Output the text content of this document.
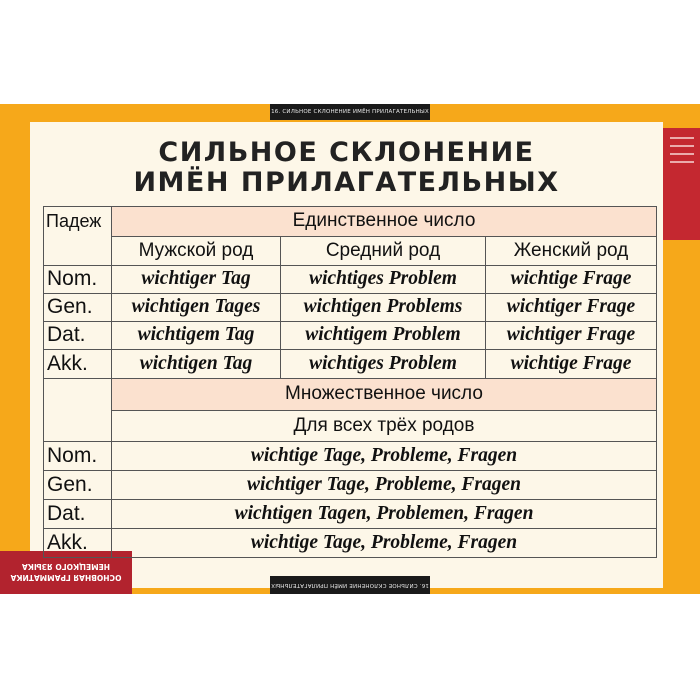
16. СИЛЬНОЕ СКЛОНЕНИЕ ИМЁН ПРИЛАГАТЕЛЬНЫХ
16. СИЛЬНОЕ СКЛОНЕНИЕ ИМЁН ПРИЛАГАТЕЛЬНЫХ
ОСНОВНАЯ ГРАММАТИКА
НЕМЕЦКОГО ЯЗЫКА
СИЛЬНОЕ СКЛОНЕНИЕ
ИМЁН ПРИЛАГАТЕЛЬНЫХ
Падеж	Единственное число
Мужской род	Средний род	Женский род
Nom.	wichtiger Tag	wichtiges Problem	wichtige Frage
Gen.	wichtigen Tages	wichtigen Problems	wichtiger Frage
Dat.	wichtigem Tag	wichtigem Problem	wichtiger Frage
Akk.	wichtigen Tag	wichtiges Problem	wichtige Frage
Множественное число
Для всех трёх родов
Nom.	wichtige Tage, Probleme, Fragen
Gen.	wichtiger Tage, Probleme, Fragen
Dat.	wichtigen Tagen, Problemen, Fragen
Akk.	wichtige Tage, Probleme, Fragen
